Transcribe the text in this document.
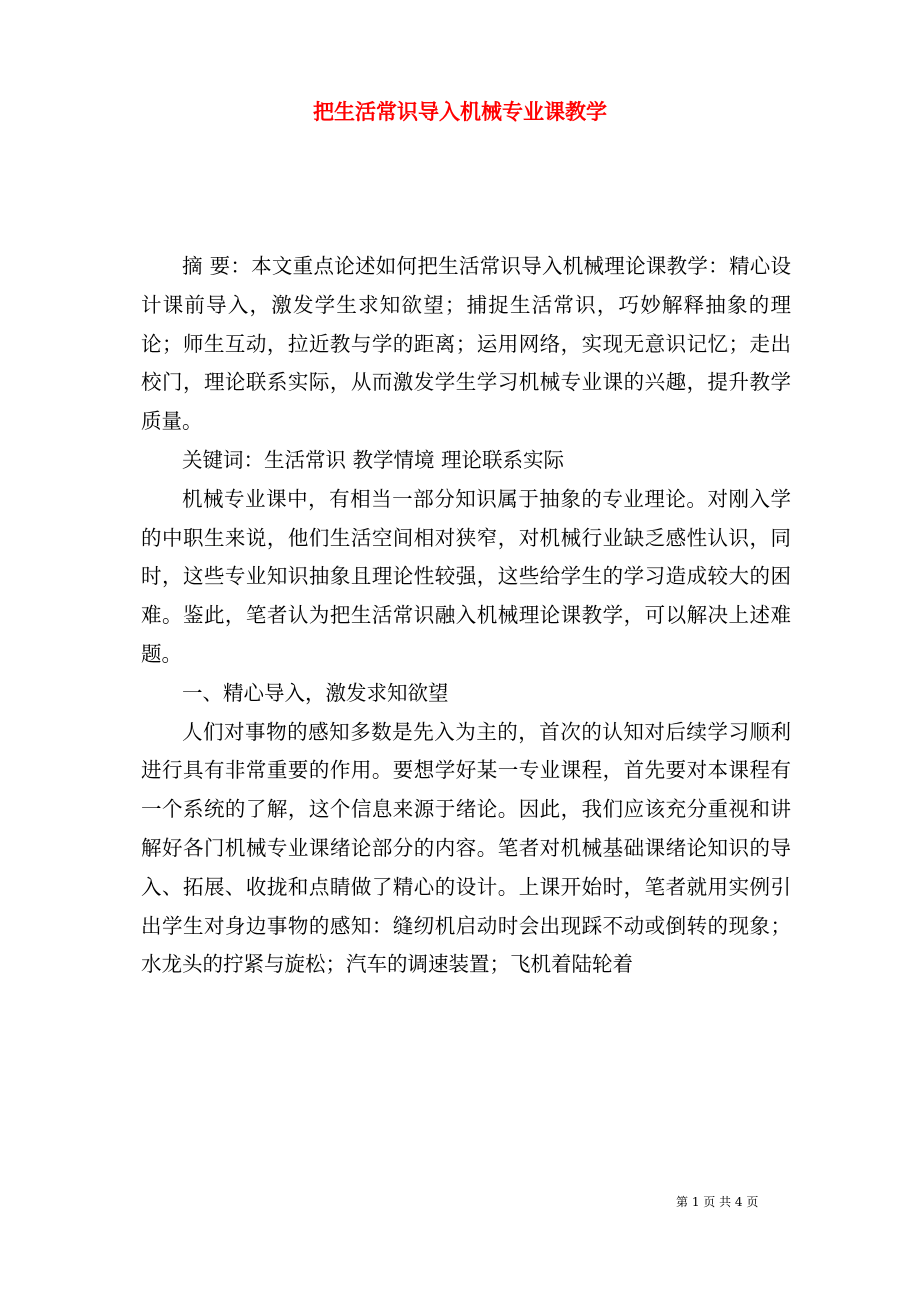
把生活常识导入机械专业课教学

摘 要：本文重点论述如何把生活常识导入机械理论课教学：精心设计课前导入，激发学生求知欲望；捕捉生活常识，巧妙解释抽象的理论；师生互动，拉近教与学的距离；运用网络，实现无意识记忆；走出校门，理论联系实际，从而激发学生学习机械专业课的兴趣，提升教学质量。

关键词：生活常识 教学情境 理论联系实际

机械专业课中，有相当一部分知识属于抽象的专业理论。对刚入学的中职生来说，他们生活空间相对狭窄，对机械行业缺乏感性认识，同时，这些专业知识抽象且理论性较强，这些给学生的学习造成较大的困难。鉴此，笔者认为把生活常识融入机械理论课教学，可以解决上述难题。

一、精心导入，激发求知欲望

人们对事物的感知多数是先入为主的，首次的认知对后续学习顺利进行具有非常重要的作用。要想学好某一专业课程，首先要对本课程有一个系统的了解，这个信息来源于绪论。因此，我们应该充分重视和讲解好各门机械专业课绪论部分的内容。笔者对机械基础课绪论知识的导入、拓展、收拢和点睛做了精心的设计。上课开始时，笔者就用实例引出学生对身边事物的感知：缝纫机启动时会出现踩不动或倒转的现象；水龙头的拧紧与旋松；汽车的调速装置；飞机着陆轮着

第 1 页 共 4 页
